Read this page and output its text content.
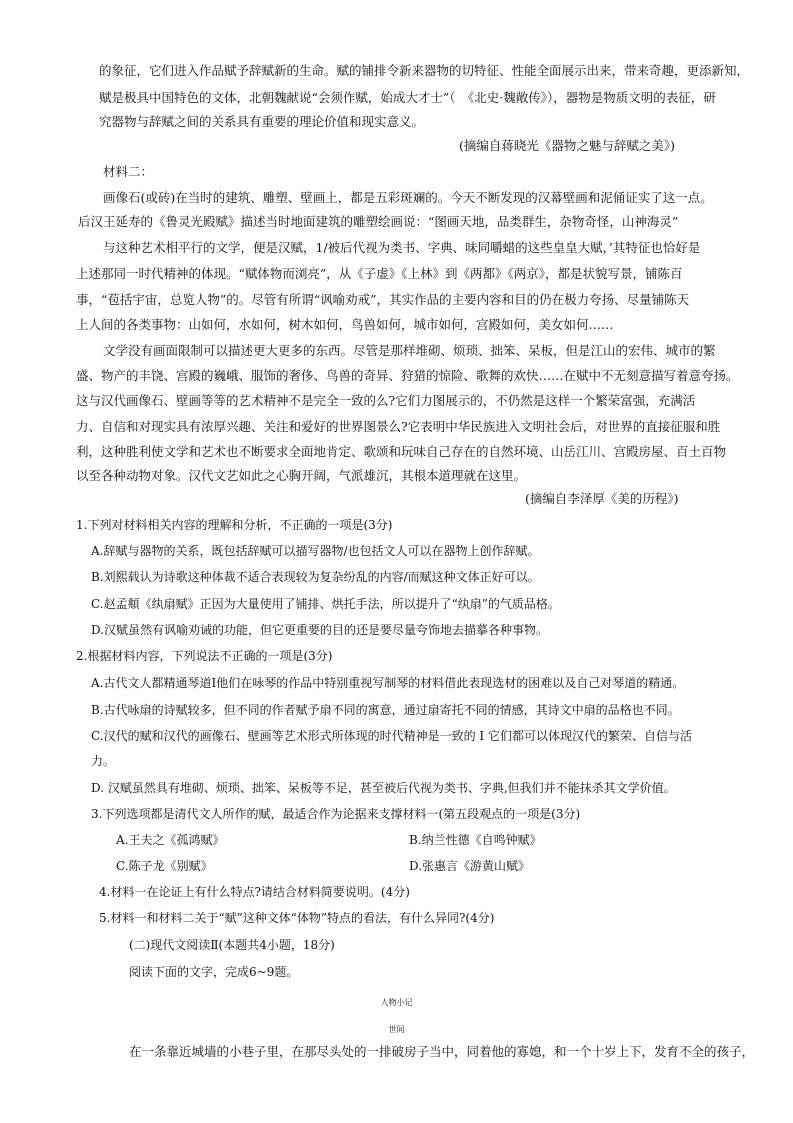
的象征，它们进入作品赋予辞赋新的生命。赋的铺排令新来器物的切特征、性能全面展示出来，带来奇趣，更添新知，
赋是极具中国特色的文体，北朝魏献说“会须作赋，始成大才士”（　《北史·魏敞传》），器物是物质文明的表征，研
究器物与辞赋之间的关系具有重要的理论价值和现实意义。
(摘编自蒋晓光《器物之魅与辞赋之美》)
材料二：
画像石(或砖)在当时的建筑、雕塑、壁画上，都是五彩斑斓的。今天不断发现的汉幕壁画和泥俑证实了这一点。
后汉王延寿的《鲁灵光殿赋》描述当时地面建筑的雕塑绘画说：“图画天地，品类群生，杂物奇怪，山神海灵”
与这种艺术相平行的文学，便是汉赋，1/被后代视为类书、字典、味同嚼蜡的这些皇皇大赋，’其特征也恰好是
上述那同一时代精神的体现。“赋体物而浏亮”，从《子虚》《上林》到《两都》《两京》，都是状貌写景，铺陈百
事，“苞括宇宙，总览人物”的。尽管有所谓“讽喻劝戒”，其实作品的主要内容和目的仍在极力夸扬、尽量铺陈天
上人间的各类事物：山如何，水如何，树木如何，鸟兽如何，城市如何，宫殿如何，美女如何……
文学没有画面限制可以描述更大更多的东西。尽管是那样堆砌、烦琐、拙笨、呆板，但是江山的宏伟、城市的繁
盛、物产的丰饶、宫殿的巍峨、服饰的奢侈、鸟兽的奇异、狩猎的惊险、歌舞的欢快……在赋中不无刻意描写着意夸扬。
这与汉代画像石、壁画等等的艺术精神不是完全一致的么?它们力图展示的，不仍然是这样一个繁荣富强，充满活
力、自信和对现实具有浓厚兴趣、关注和爱好的世界图景么?它表明中华民族进入文明社会后，对世界的直接征服和胜
利，这种胜利使文学和艺术也不断要求全面地肯定、歌颂和玩味自己存在的自然环境、山岳江川、宫殿房屋、百土百物
以至各种动物对象。汉代文艺如此之心胸开阔，气派雄沉，其根本道理就在这里。
(摘编自李泽厚《美的历程》)
1.下列对材料相关内容的理解和分析，不正确的一项是(3分)
A.辞赋与器物的关系，既包括辞赋可以描写器物/也包括文人可以在器物上创作辞赋。
B.刘熙载认为诗歌这种体裁不适合表现较为复杂纷乱的内容/而赋这种文体正好可以。
C.赵孟頫《纨扇赋》正因为大量使用了铺排、烘托手法，所以提升了“纨扇”的气质品格。
D.汉赋虽然有讽喻劝诫的功能，但它更重要的目的还是要尽量夸饰地去描摹各种事物。
2.根据材料内容，下列说法不正确的一项是(3分)
A.古代文人都精通琴道I他们在咏琴的作品中特别重视写制琴的材料借此表现选材的困难以及自己对琴道的精通。
B.古代咏扇的诗赋较多，但不同的作者赋予扇不同的寓意，通过扇寄托不同的情感，其诗文中扇的品格也不同。
C.汉代的赋和汉代的画像石、壁画等艺术形式所体现的时代精神是一致的 I 它们都可以体现汉代的繁荣、自信与活
力。
D. 汉赋虽然具有堆砌、烦琐、拙笨、呆板等不足，甚至被后代视为类书、字典,但我们并不能抹杀其文学价值。
3.下列选项都是清代文人所作的赋，最适合作为论据来支撑材料一(第五段观点的一项是(3分)
A.王夫之《孤鸿赋》	B.纳兰性德《自鸣钟赋》
C.陈子龙《别赋》	D.张惠言《游黄山赋》
4.材料一在论证上有什么特点?请结合材料简要说明。(4分)
5.材料一和材料二关于“赋”这种文体“体物”特点的看法，有什么异同?(4分)
(二)现代文阅读Ⅱ(本题共4小题，18分)
阅读下面的文字，完成6~9题。
人物小记
世间
在一条靠近城墙的小巷子里，在那尽头处的一排破房子当中，同着他的寡媳，和一个十岁上下，发育不全的孩子，
